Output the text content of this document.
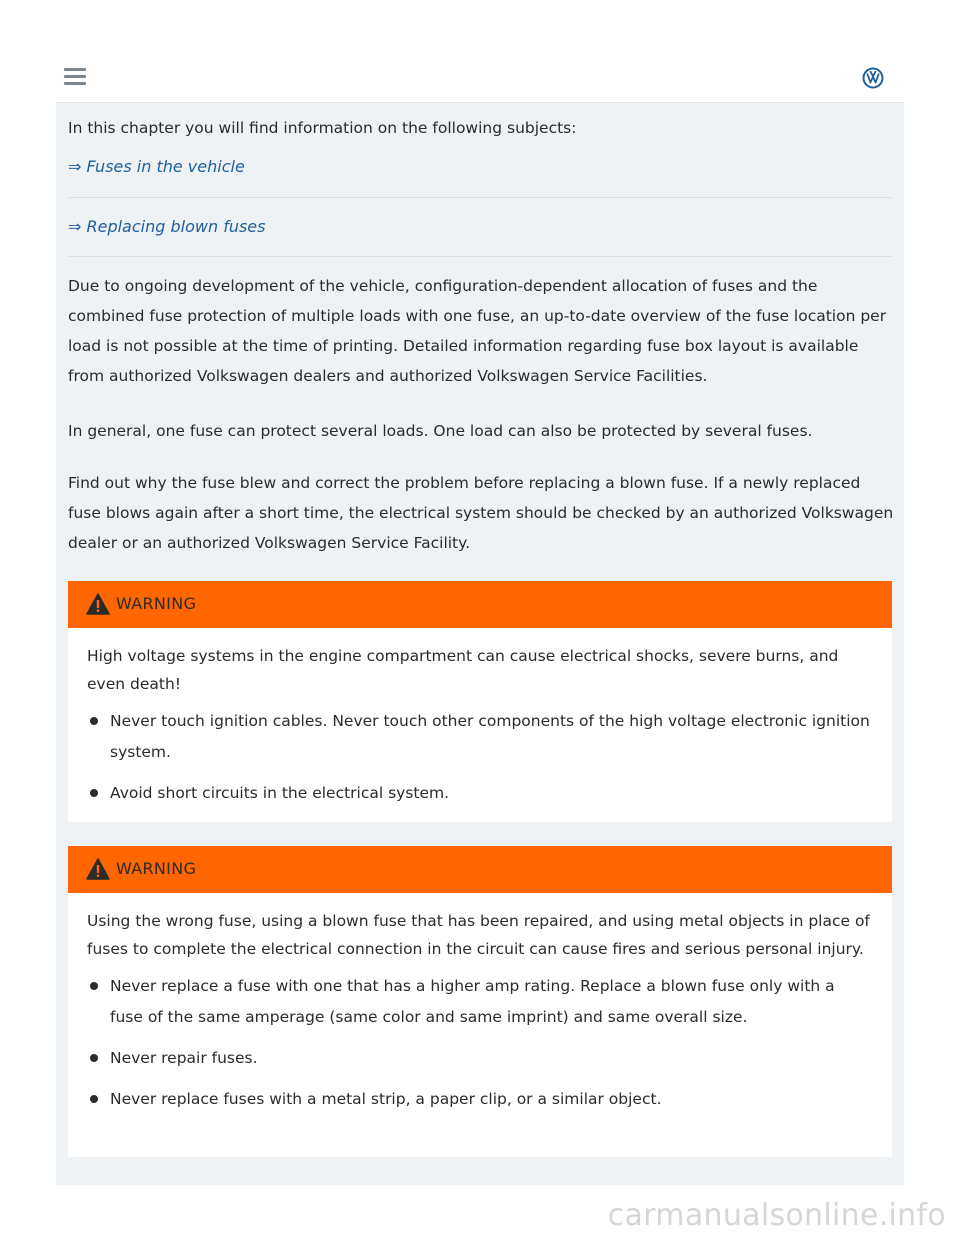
In this chapter you will find information on the following subjects:
⇒ Fuses in the vehicle
⇒ Replacing blown fuses

Due to ongoing development of the vehicle, configuration-dependent allocation of fuses and the combined fuse protection of multiple loads with one fuse, an up-to-date overview of the fuse location per load is not possible at the time of printing. Detailed information regarding fuse box layout is available from authorized Volkswagen dealers and authorized Volkswagen Service Facilities.

In general, one fuse can protect several loads. One load can also be protected by several fuses.

Find out why the fuse blew and correct the problem before replacing a blown fuse. If a newly replaced fuse blows again after a short time, the electrical system should be checked by an authorized Volkswagen dealer or an authorized Volkswagen Service Facility.

WARNING

High voltage systems in the engine compartment can cause electrical shocks, severe burns, and even death!

Never touch ignition cables. Never touch other components of the high voltage electronic ignition system.
Avoid short circuits in the electrical system.
WARNING

Using the wrong fuse, using a blown fuse that has been repaired, and using metal objects in place of fuses to complete the electrical connection in the circuit can cause fires and serious personal injury.

Never replace a fuse with one that has a higher amp rating. Replace a blown fuse only with a fuse of the same amperage (same color and same imprint) and same overall size.
Never repair fuses.
Never replace fuses with a metal strip, a paper clip, or a similar object.
carmanualsonline.info
